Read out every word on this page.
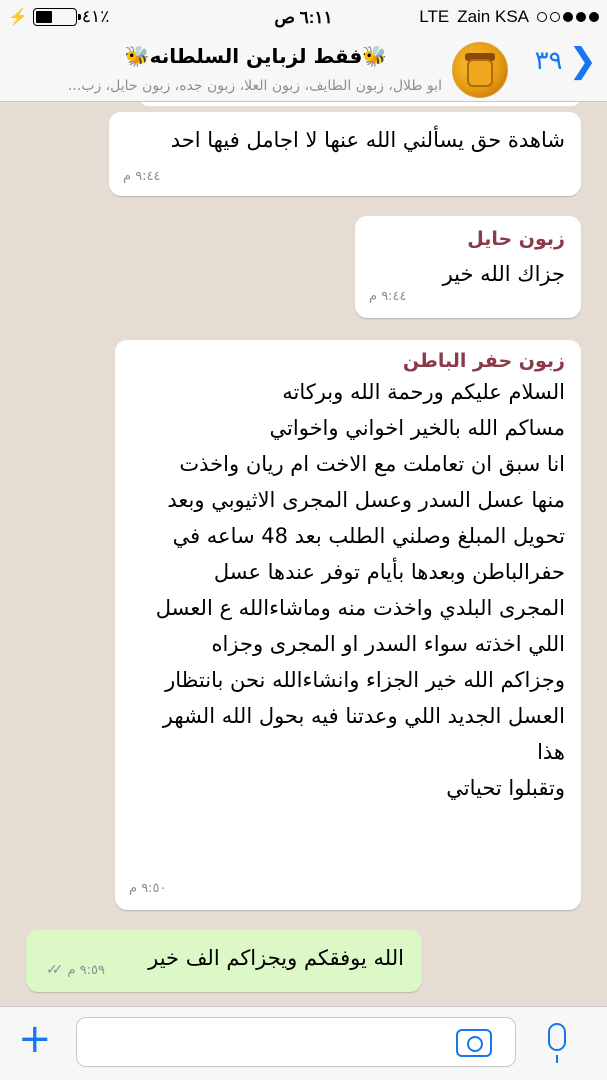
⚡	٤١٪	٦:١١ ص	LTE Zain KSA
٣٩ ❯
🐝فقط لزباين السلطانه🐝
ابو طلال، زبون الطايف، زبون العلا، زبون جده، زبون حايل، زب...
شاهدة حق يسألني الله عنها لا اجامل فيها احد
٩:٤٤ م
زبون حايل
جزاك الله خير
٩:٤٤ م
زبون حفر الباطن
السلام عليكم ورحمة الله وبركاته
مساكم الله بالخير اخواني واخواتي
انا سبق ان تعاملت مع الاخت ام ريان واخذت
منها عسل السدر وعسل المجرى الاثيوبي وبعد
تحويل المبلغ وصلني الطلب بعد 48 ساعه في
حفرالباطن وبعدها بأيام توفر عندها عسل
المجرى البلدي واخذت منه وماشاءالله ع العسل
اللي اخذته سواء السدر او المجرى وجزاه
وجزاكم الله خير الجزاء وانشاءالله نحن بانتظار
العسل الجديد اللي وعدتنا فيه بحول الله الشهر
هذا
وتقبلوا تحياتي
٩:٥٠ م
الله يوفقكم ويجزاكم الف خير
✓✓ ٩:٥٩ م
+
